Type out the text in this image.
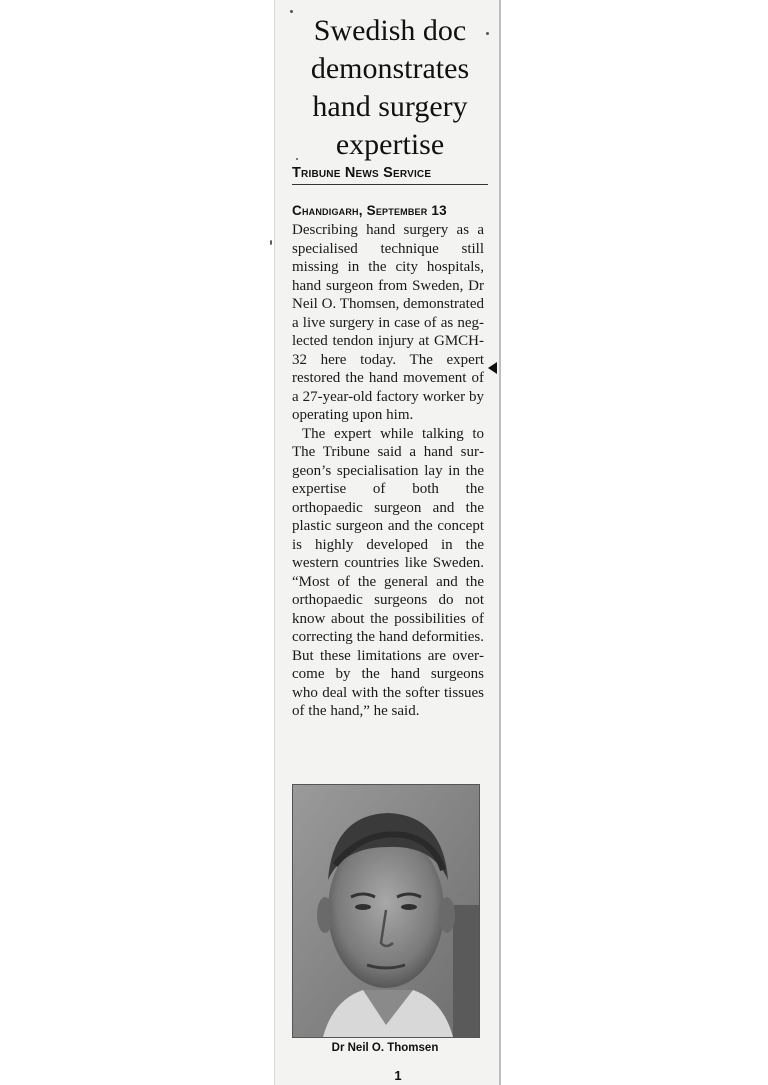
Swedish doc demonstrates hand surgery expertise
Tribune News Service
Chandigarh, September 13

Describing hand surgery as a specialised technique still missing in the city hospitals, hand surgeon from Sweden, Dr Neil O. Thomsen, demonstrated a live surgery in case of as neglected tendon injury at GMCH-32 here today. The expert restored the hand movement of a 27-year-old factory worker by operating upon him.

The expert while talking to The Tribune said a hand surgeon’s specialisation lay in the expertise of both the orthopaedic surgeon and the plastic surgeon and the concept is highly developed in the western countries like Sweden. “Most of the general and the orthopaedic surgeons do not know about the possibilities of correcting the hand deformities. But these limitations are overcome by the hand surgeons who deal with the softer tissues of the hand,” he said.

Dr Neil O. Thomsen
1
